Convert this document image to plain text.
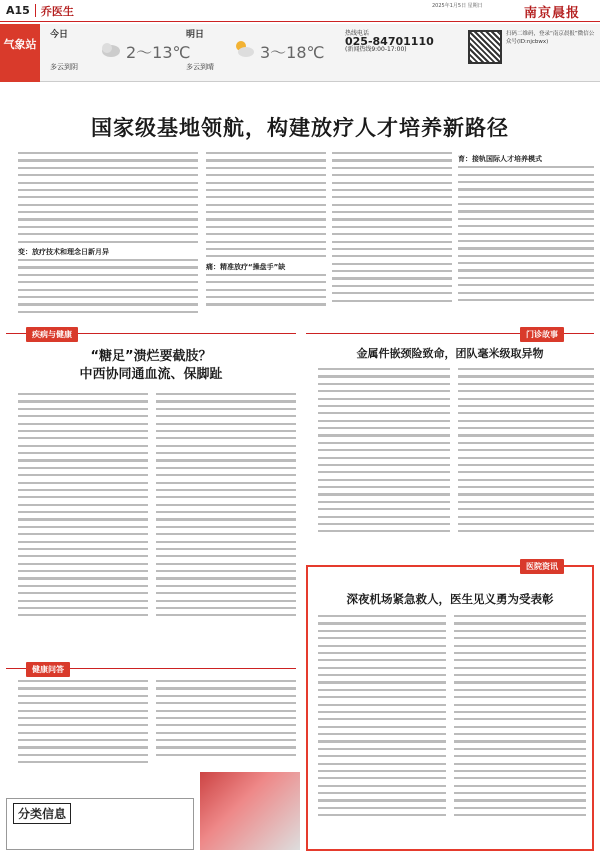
A15 乔医生	2025年1月5日 星期日	南京晨报
气象站
今日
多云到阴
2～13℃
明日
多云到晴
3～18℃
热线电话
025-84701110
(新闻热线9:00-17:00)
扫码二维码，登录“南京晨报”微信公众号(ID:njcbwx)
国家级基地领航，构建放疗人才培养新路径
变：放疗技术和理念日新月异
痛：精准放疗“操盘手”缺
育：接轨国际人才培养模式
疾病与健康	门诊故事
“糖足”溃烂要截肢？
中西协同通血流、保脚趾
金属件嵌颈险致命，团队毫米级取异物
健康问答
分类信息
医院资讯
深夜机场紧急救人，医生见义勇为受表彰
